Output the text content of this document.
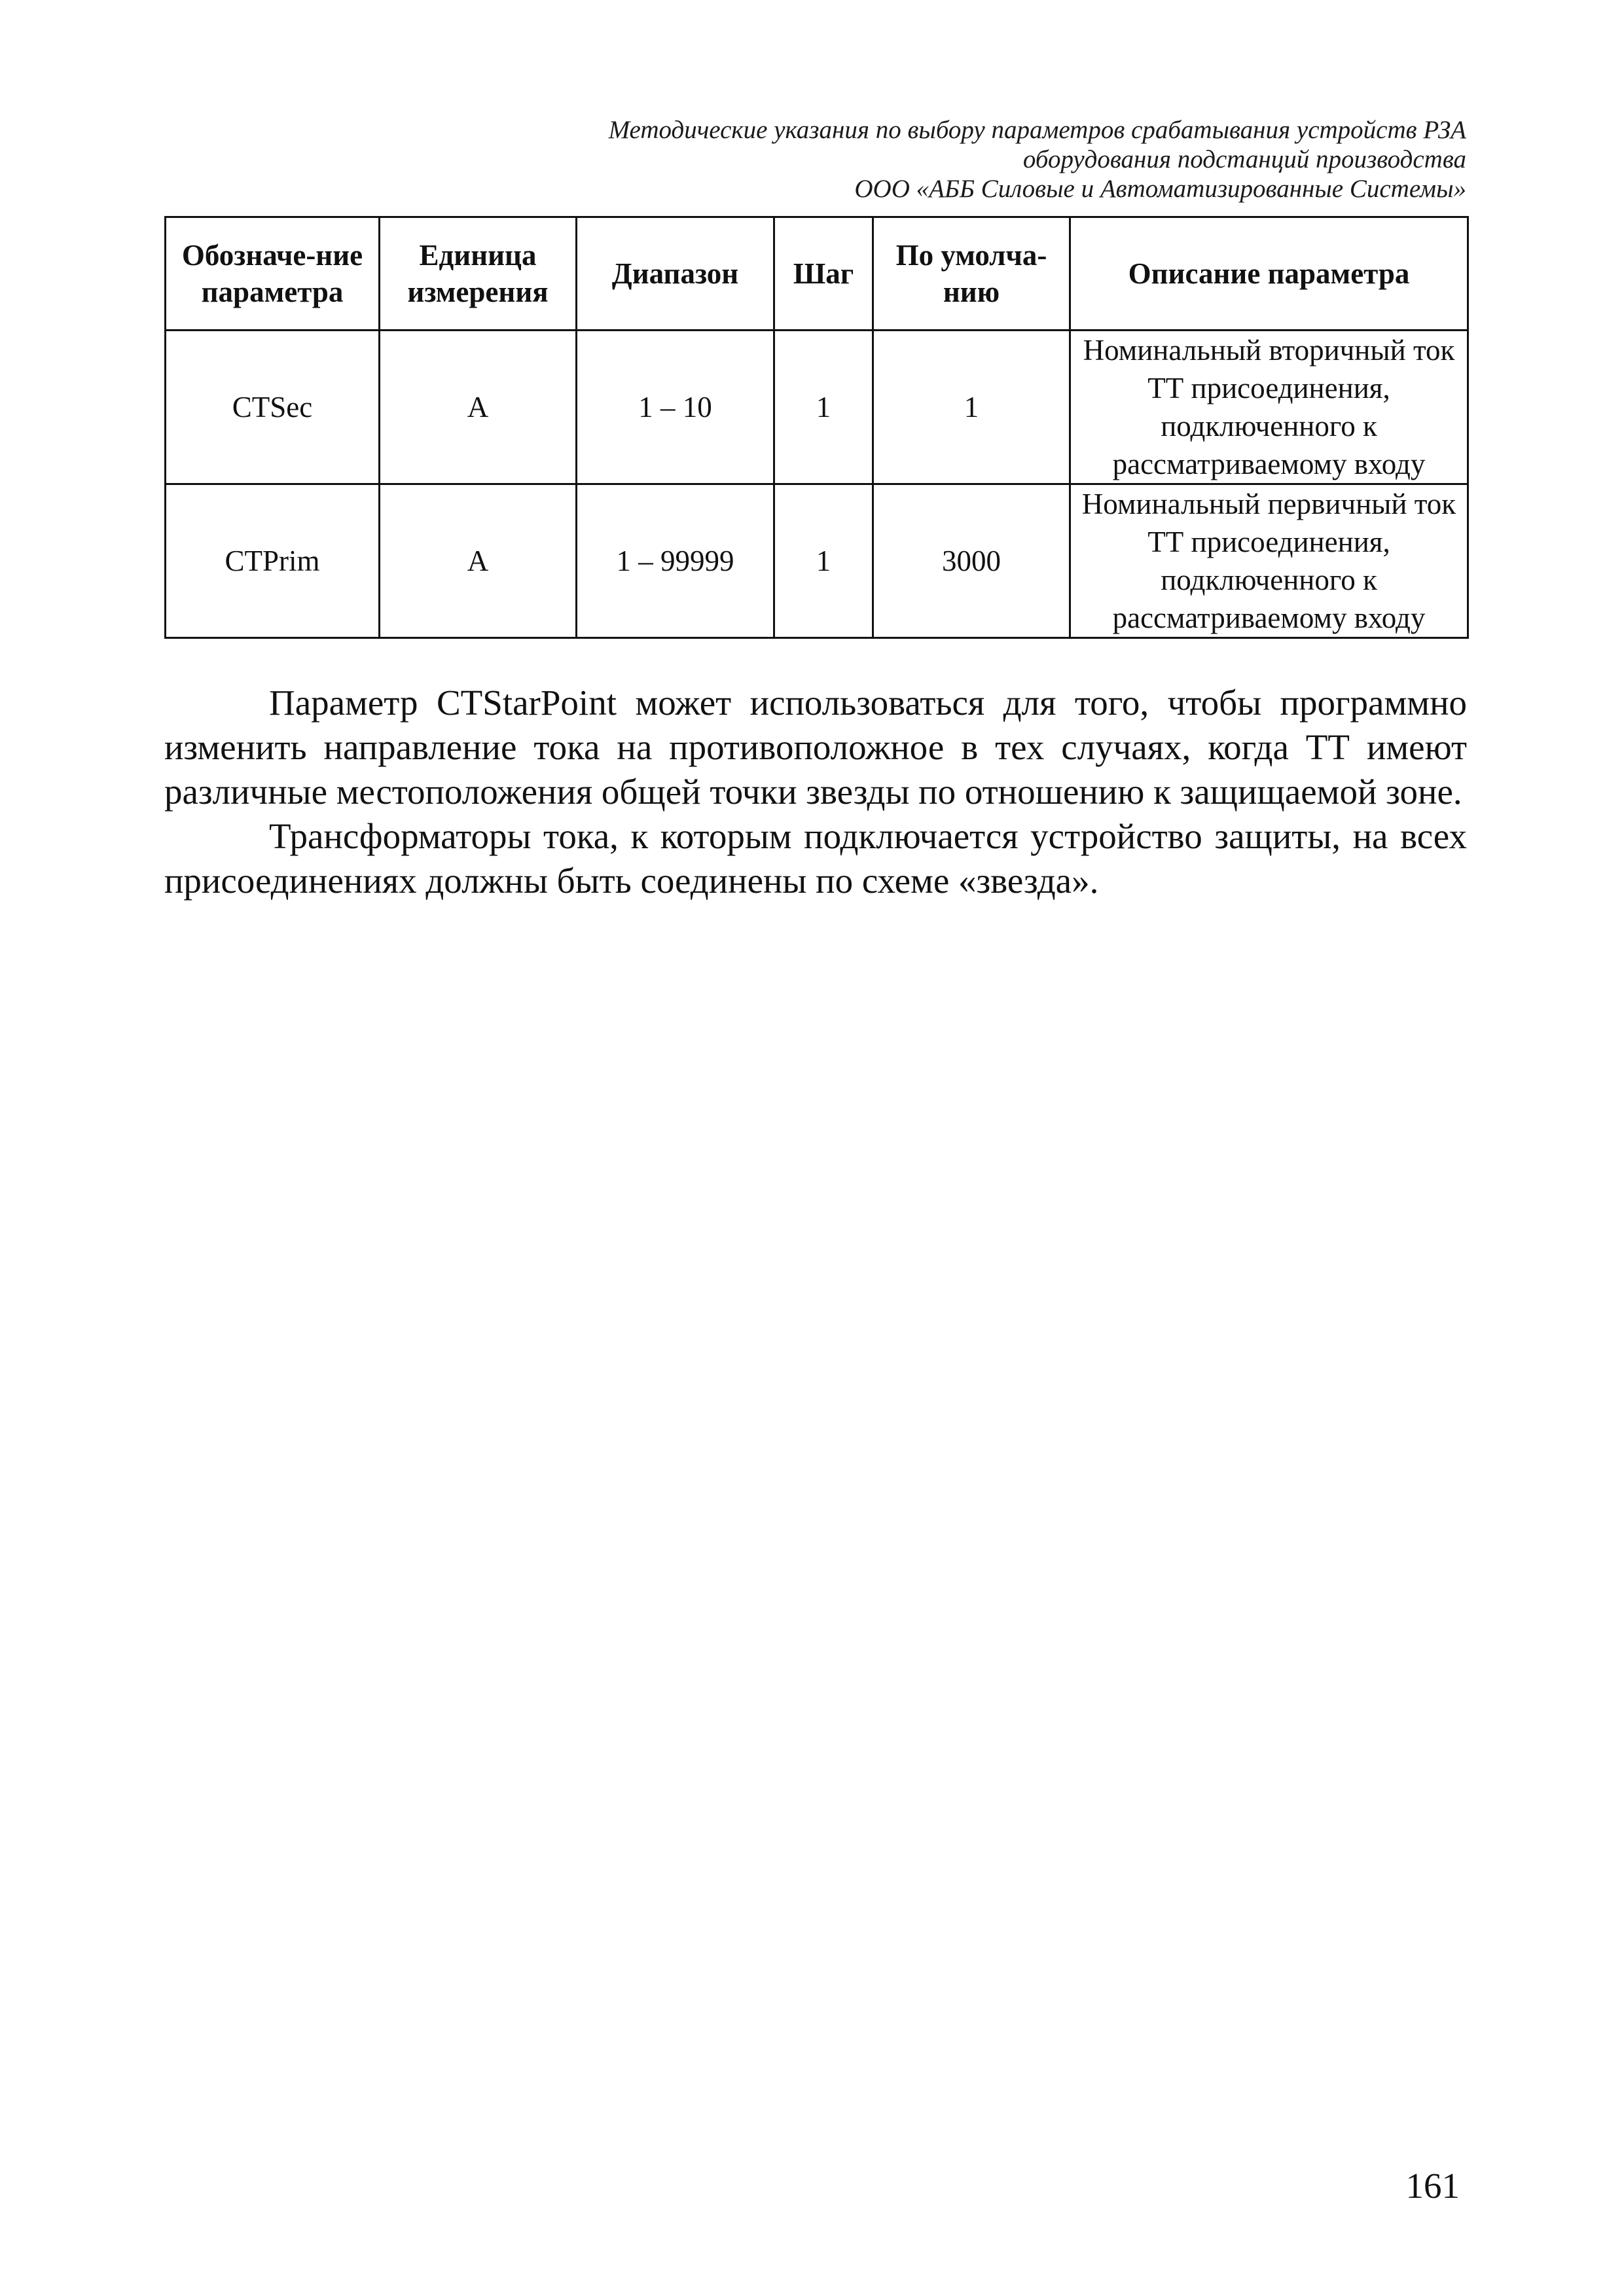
Методические указания по выбору параметров срабатывания устройств РЗА
оборудования подстанций производства
ООО «АББ Силовые и Автоматизированные Системы»
Обозначе-ние параметра	Единица измерения	Диапазон	Шаг	По умолча-нию	Описание параметра
CTSec	A	1 – 10	1	1	Номинальный вторичный ток ТТ присоединения, подключенного к рассматриваемому входу
CTPrim	A	1 – 99999	1	3000	Номинальный первичный ток ТТ присоединения, подключенного к рассматриваемому входу

Параметр CTStarPoint может использоваться для того, чтобы программно изменить направление тока на противоположное в тех случаях, когда ТТ имеют различные местоположения общей точки звезды по отношению к защищаемой зоне.

Трансформаторы тока, к которым подключается устройство защиты, на всех присоединениях должны быть соединены по схеме «звезда».

161
